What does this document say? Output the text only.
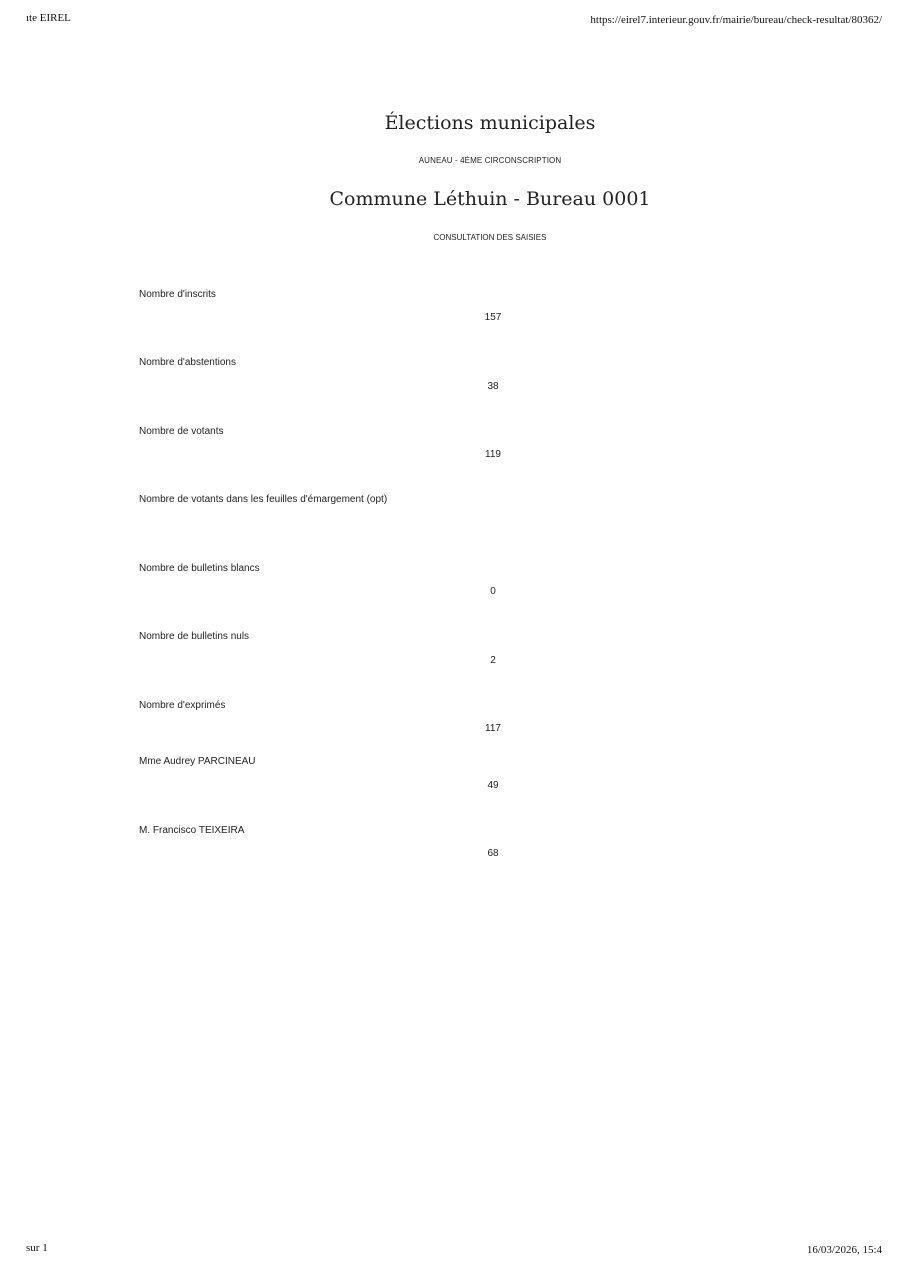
ıte EIREL	https://eirel7.interieur.gouv.fr/mairie/bureau/check-resultat/80362/
Élections municipales
AUNEAU - 4ÈME CIRCONSCRIPTION
Commune Léthuin - Bureau 0001
CONSULTATION DES SAISIES
Nombre d'inscrits
157
Nombre d'abstentions
38
Nombre de votants
119
Nombre de votants dans les feuilles d'émargement (opt)
Nombre de bulletins blancs
0
Nombre de bulletins nuls
2
Nombre d'exprimés
117
Mme Audrey PARCINEAU
49
M. Francisco TEIXEIRA
68
sur 1	16/03/2026, 15:4
